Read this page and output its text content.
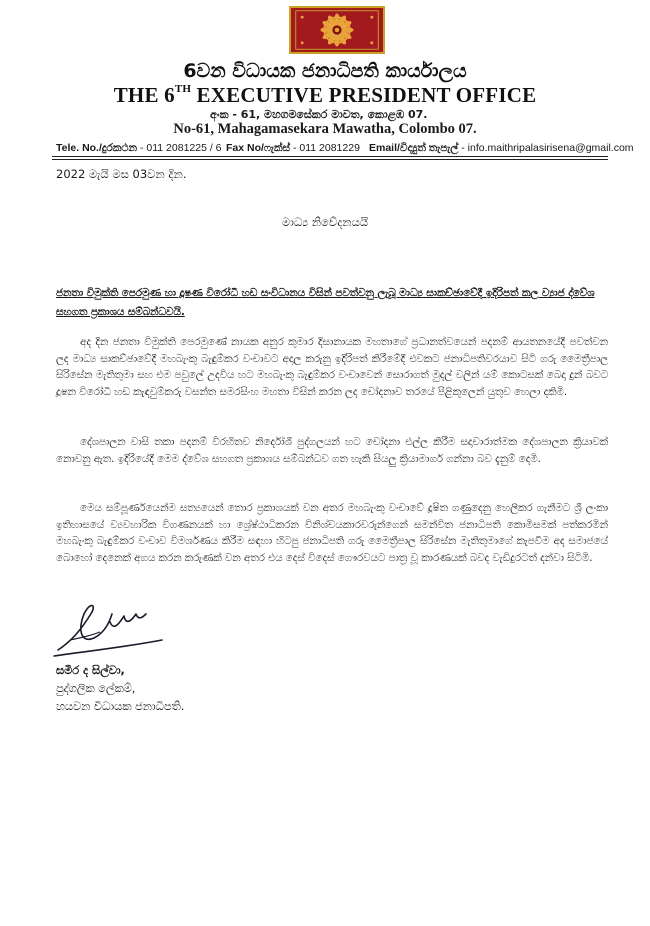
6වන විධායක ජනාධිපති කාර්යාලය
THE 6TH EXECUTIVE PRESIDENT OFFICE
අංක - 61, මහගමසේකර මාවත, කොළඹ 07.
No-61, Mahagamasekara Mawatha, Colombo 07.
Tele. No./දුරකථන - 011 2081225 / 6 Fax No/ෆැක්ස් - 011 2081229 Email/විද්‍යුත් තැපැල් - info.maithripalasirisena@gmail.com
2022 මැයි මස 03වන දින.
මාධ්‍ය නිවේදනයයි
ජනතා විමුක්ති පෙරමුණ හා දූෂණ විරෝධී හඩ සංවිධානය විසින් පවත්වනු ලැබූ මාධ්‍ය සාකච්ඡාවේදී ඉදිරිපත් කල ව්‍යාජ ද්වේශ සහගත ප්‍රකාශය සම්බන්ධවයි.
අද දින ජනතා විමුක්ති පෙරමුණේ නායක අනුර කුමාර දිසානායක මහතාගේ ප්‍රධානත්වයෙන් පදනම් ආයතනයේදී පවත්වන ලද මාධ්‍ය සාකච්ඡාවේදී මහබැංකු බැඳුම්කර වංචාවට අදාල කරුනු ඉදිරිපත් කිරීමේදී එවකට ජනාධිපතිවරයාව සිටි ගරු මෛත්‍රීපාල සිරිසේන මැතිතුමා සහ එම පවුලේ උදවිය හට මහබැංකු බැඳුම්කර වංචාවෙන් සොරාගත් මුදල් වලින් යම් කොටසක් බෙදා දුන් බවට දූෂන විරෝධී හඩ කැඳවුම්කරු වසන්ත සමරසිංහ මහතා විසින් කරන ලද චෝදනාව තරයේ පිළිකුලෙන් යුතුව හෙලා දකිමි.
දේශපාලන වාසි තකා පදනම් විරහිතව නිර්දෝශී පුද්ගලයන් හට චෝදනා එල්ල කිරීම සදාචාරාත්මක දේශපාලන ක්‍රියාවක් නොවනු ඇත. ඉදිරියේදී මෙම ද්වේශ සහගත ප්‍රකාශය සම්බන්ධව ගත හැකි සියලු ක්‍රියාමාර්ග ගන්නා බව දැනුම් දෙමි.
මෙය සම්පූර්ණයෙන්ම සත්‍යයෙන් තොර ප්‍රකාශයක් වන අතර මහබැංකු වංචාවේ දූෂිත ගණුදෙනු හෙලිකර ගැනීමට ශ්‍රී ලංකා ඉතිහාසයේ ව්‍යවහාරික විගණනයක් හා ශ්‍රේෂ්ඨාධිකරන විනිශ්චයකාරවරුන්ගෙන් සමන්විත ජනාධිපති කොමිසමක් පත්කරමින් මහබැංකු බැඳුම්කර වංචාව විමර්ශණය කිරීම සඳහා හිටපු ජනාධිපති ගරු මෛත්‍රීපාල සිරිසේන මැතිතුමාගේ කැපවීම අද සමාජයේ බොහෝ දෙනෙක් අගය කරන කරුණක් වන අතර එය දෙස් විදෙස් ගෞරවයට පාත්‍ර වූ කාරණයක් බවද වැඩිදුරටත් දන්වා සිටිමි.
සමීර ද සිල්වා,
පුද්ගලික ලේකම්,
හයවන විධායක ජනාධිපති.
